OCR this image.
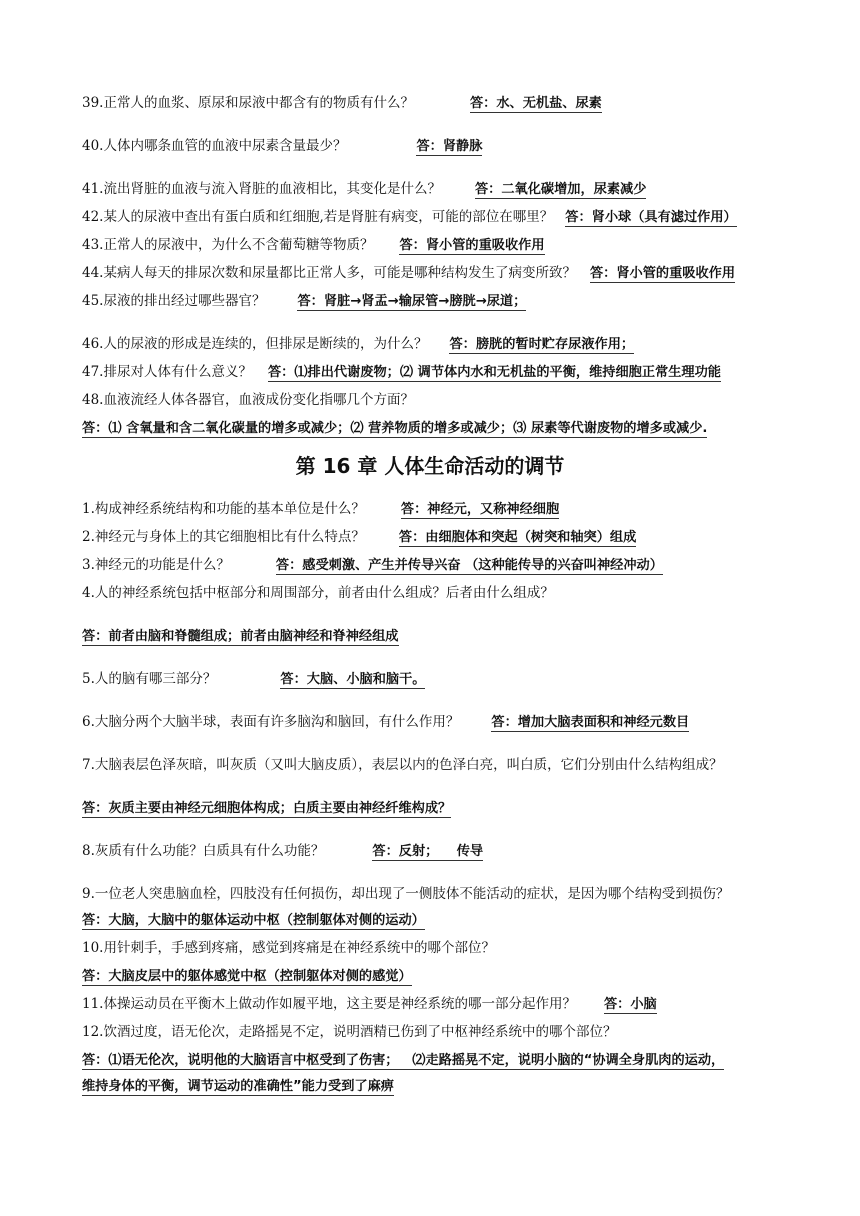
39.正常人的血浆、原尿和尿液中都含有的物质有什么？	答：水、无机盐、尿素
40.人体内哪条血管的血液中尿素含量最少？	答：肾静脉
41.流出肾脏的血液与流入肾脏的血液相比，其变化是什么？	答：二氧化碳增加，尿素减少
42.某人的尿液中查出有蛋白质和红细胞,若是肾脏有病变，可能的部位在哪里？ 答：肾小球（具有滤过作用）
43.正常人的尿液中，为什么不含葡萄糖等物质？ 答：肾小管的重吸收作用
44.某病人每天的排尿次数和尿量都比正常人多，可能是哪种结构发生了病变所致？ 答：肾小管的重吸收作用
45.尿液的排出经过哪些器官？ 答：肾脏→肾盂→输尿管→膀胱→尿道；
46.人的尿液的形成是连续的，但排尿是断续的，为什么？ 答：膀胱的暂时贮存尿液作用；
47.排尿对人体有什么意义？ 答：⑴排出代谢废物；⑵ 调节体内水和无机盐的平衡，维持细胞正常生理功能
48.血液流经人体各器官，血液成份变化指哪几个方面？
答：⑴ 含氧量和含二氧化碳量的增多或减少；⑵ 营养物质的增多或减少；⑶ 尿素等代谢废物的增多或减少.
第 16 章 人体生命活动的调节
1.构成神经系统结构和功能的基本单位是什么？	答：神经元，又称神经细胞
2.神经元与身体上的其它细胞相比有什么特点？	答：由细胞体和突起（树突和轴突）组成
3.神经元的功能是什么？	答：感受刺激、产生并传导兴奋 （这种能传导的兴奋叫神经冲动）
4.人的神经系统包括中枢部分和周围部分，前者由什么组成？后者由什么组成？
答：前者由脑和脊髓组成；前者由脑神经和脊神经组成
5.人的脑有哪三部分？	答：大脑、小脑和脑干。
6.大脑分两个大脑半球，表面有许多脑沟和脑回，有什么作用？ 答：增加大脑表面积和神经元数目
7.大脑表层色泽灰暗，叫灰质（又叫大脑皮质），表层以内的色泽白亮，叫白质，它们分别由什么结构组成？
答：灰质主要由神经元细胞体构成；白质主要由神经纤维构成？
8.灰质有什么功能？白质具有什么功能？	答：反射；    传导
9.一位老人突患脑血栓，四肢没有任何损伤，却出现了一侧肢体不能活动的症状，是因为哪个结构受到损伤？
答：大脑，大脑中的躯体运动中枢（控制躯体对侧的运动）
10.用针刺手，手感到疼痛，感觉到疼痛是在神经系统中的哪个部位？
答：大脑皮层中的躯体感觉中枢（控制躯体对侧的感觉）
11.体操运动员在平衡木上做动作如履平地，这主要是神经系统的哪一部分起作用？ 答：小脑
12.饮酒过度，语无伦次，走路摇晃不定，说明酒精已伤到了中枢神经系统中的哪个部位？
答：⑴语无伦次，说明他的大脑语言中枢受到了伤害；   ⑵走路摇晃不定，说明小脑的“协调全身肌肉的运动，
维持身体的平衡，调节运动的准确性”能力受到了麻痹
